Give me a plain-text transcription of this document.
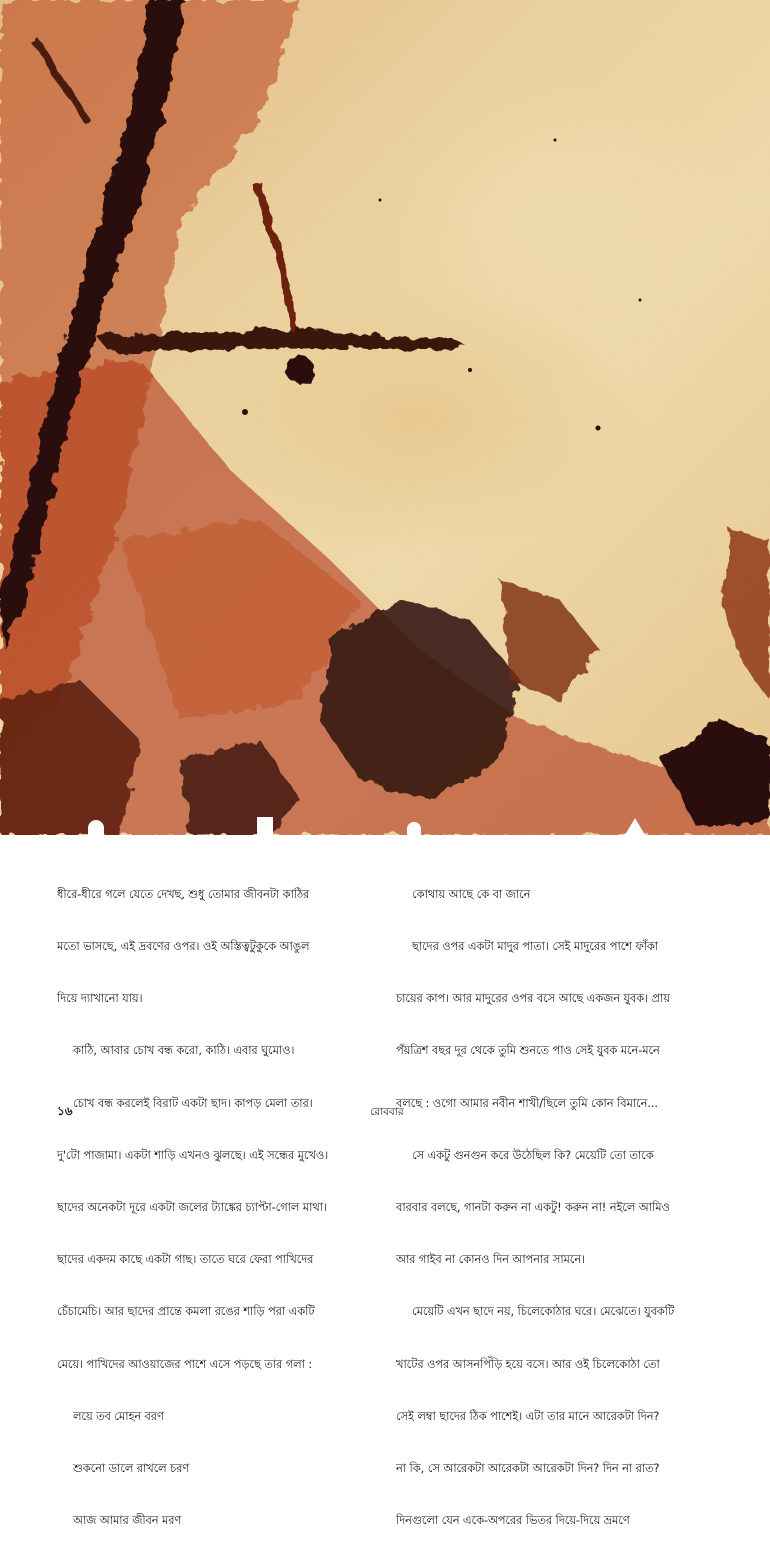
ধীরে-ধীরে গলে যেতে দেখছ, শুধু তোমার জীবনটা কাঠির

মতো ভাসছে, এই দ্রবণের ওপর। ওই অস্তিত্বটুকুকে আঙুল

দিয়ে দ্যাখানো যায়।

কাঠি, আবার চোখ বন্ধ করো, কাঠি। এবার ঘুমোও।

চোখ বন্ধ করলেই বিরাট একটা ছাদ। কাপড় মেলা তার।

দু'টো পাজামা। একটা শাড়ি এখনও ঝুলছে। এই সন্ধের মুখেও।

ছাদের অনেকটা দূরে একটা জলের ট্যাঙ্কের চ্যাপ্টা-গোল মাথা।

ছাদের একদম কাছে একটা গাছ। তাতে ঘরে ফেরা পাখিদের

চেঁচামেচি। আর ছাদের প্রান্তে কমলা রঙের শাড়ি পরা একটি

মেয়ে। পাখিদের আওয়াজের পাশে এসে পড়ছে তার গলা :

লয়ে তব মোহন বরণ

শুকনো ডালে রাখলে চরণ

আজ আমার জীবন মরণ

কোথায় আছে কে বা জানে

ছাদের ওপর একটা মাদুর পাতা। সেই মাদুরের পাশে ফাঁকা

চায়ের কাপ। আর মাদুরের ওপর বসে আছে একজন যুবক। প্রায়

পঁয়ত্রিশ বছর দূর থেকে তুমি শুনতে পাও সেই যুবক মনে-মনে

বলছে : ওগো আমার নবীন শাখী/ছিলে তুমি কোন বিমানে...

সে একটু গুনগুন করে উঠেছিল কি? মেয়েটি তো তাকে

বারবার বলছে, গানটা করুন না একটু! করুন না! নইলে আমিও

আর গাইব না কোনও দিন আপনার সামনে।

মেয়েটি এখন ছাদে নয়, চিলেকোঠার ঘরে। মেঝেতে। যুবকটি

খাটের ওপর আসনপিঁড়ি হয়ে বসে। আর ওই চিলেকোঠা তো

সেই লম্বা ছাদের ঠিক পাশেই। এটা তার মানে আরেকটা দিন?

না কি, সে আরেকটা আরেকটা আরেকটা দিন? দিন না রাত?

দিনগুলো যেন একে-অপরের ভিতর দিয়ে-দিয়ে ভ্রমণে

১৬	রোববার
